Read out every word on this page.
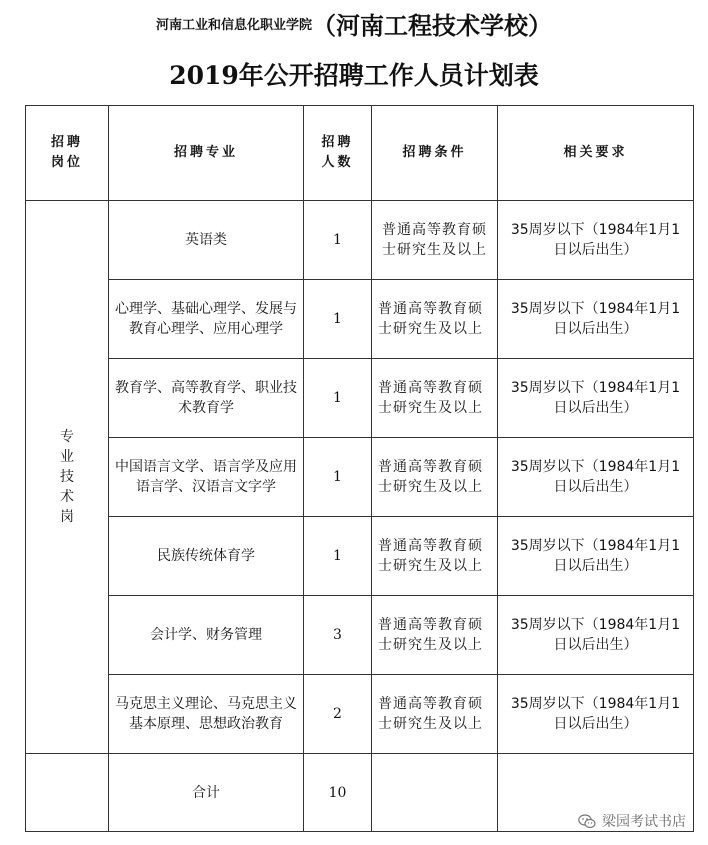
河南工业和信息化职业学院（河南工程技术学校）
2019年公开招聘工作人员计划表
招聘岗位	招聘专业	招聘人数	招聘条件	相关要求
专业技术岗	英语类	1	普通高等教育硕士研究生及以上	35周岁以下（1984年1月1日以后出生）
	心理学、基础心理学、发展与教育心理学、应用心理学	1	普通高等教育硕士研究生及以上	35周岁以下（1984年1月1日以后出生）
	教育学、高等教育学、职业技术教育学	1	普通高等教育硕士研究生及以上	35周岁以下（1984年1月1日以后出生）
	中国语言文学、语言学及应用语言学、汉语言文字学	1	普通高等教育硕士研究生及以上	35周岁以下（1984年1月1日以后出生）
	民族传统体育学	1	普通高等教育硕士研究生及以上	35周岁以下（1984年1月1日以后出生）
	会计学、财务管理	3	普通高等教育硕士研究生及以上	35周岁以下（1984年1月1日以后出生）
	马克思主义理论、马克思主义基本原理、思想政治教育	2	普通高等教育硕士研究生及以上	35周岁以下（1984年1月1日以后出生）
	合计	10		
梁园考试书店
